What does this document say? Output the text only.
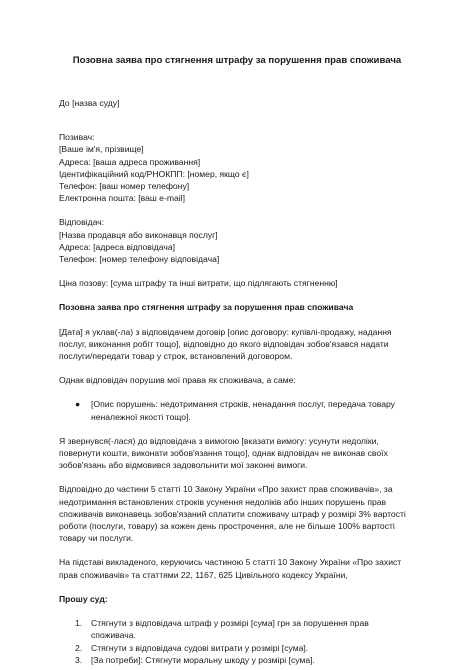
Позовна заява про стягнення штрафу за порушення прав споживача
До [назва суду]
Позивач:
[Ваше ім'я, прізвище]
Адреса: [ваша адреса проживання]
Ідентифікаційний код/РНОКПП: [номер, якщо є]
Телефон: [ваш номер телефону]
Електронна пошта: [ваш e-mail]
Відповідач:
[Назва продавця або виконавця послуг]
Адреса: [адреса відповідача]
Телефон: [номер телефону відповідача]
Ціна позову: [сума штрафу та інші витрати, що підлягають стягненню]
Позовна заява про стягнення штрафу за порушення прав споживача
[Дата] я уклав(-ла) з відповідачем договір [опис договору: купівлі-продажу, надання
послуг, виконання робіт тощо], відповідно до якого відповідач зобов'язався надати
послуги/передати товар у строк, встановлений договором.
Однак відповідач порушив мої права як споживача, а саме:
●	[Опис порушень: недотримання строків, ненадання послуг, передача товару
неналежної якості тощо].
Я звернувся(-лася) до відповідача з вимогою [вказати вимогу: усунути недоліки,
повернути кошти, виконати зобов'язання тощо], однак відповідач не виконав своїх
зобов'язань або відмовився задовольнити мої законні вимоги.
Відповідно до частини 5 статті 10 Закону України «Про захист прав споживачів», за
недотримання встановлених строків усунення недоліків або інших порушень прав
споживачів виконавець зобов'язаний сплатити споживачу штраф у розмірі 3% вартості
роботи (послуги, товару) за кожен день прострочення, але не більше 100% вартості
товару чи послуги.
На підставі викладеного, керуючись частиною 5 статті 10 Закону України «Про захист
прав споживачів» та статтями 22, 1167, 625 Цивільного кодексу України,
Прошу суд:
1.	Стягнути з відповідача штраф у розмірі [сума] грн за порушення прав
споживача.
2.	Стягнути з відповідача судові витрати у розмірі [сума].
3.	[За потреби]: Стягнути моральну шкоду у розмірі [сума].
